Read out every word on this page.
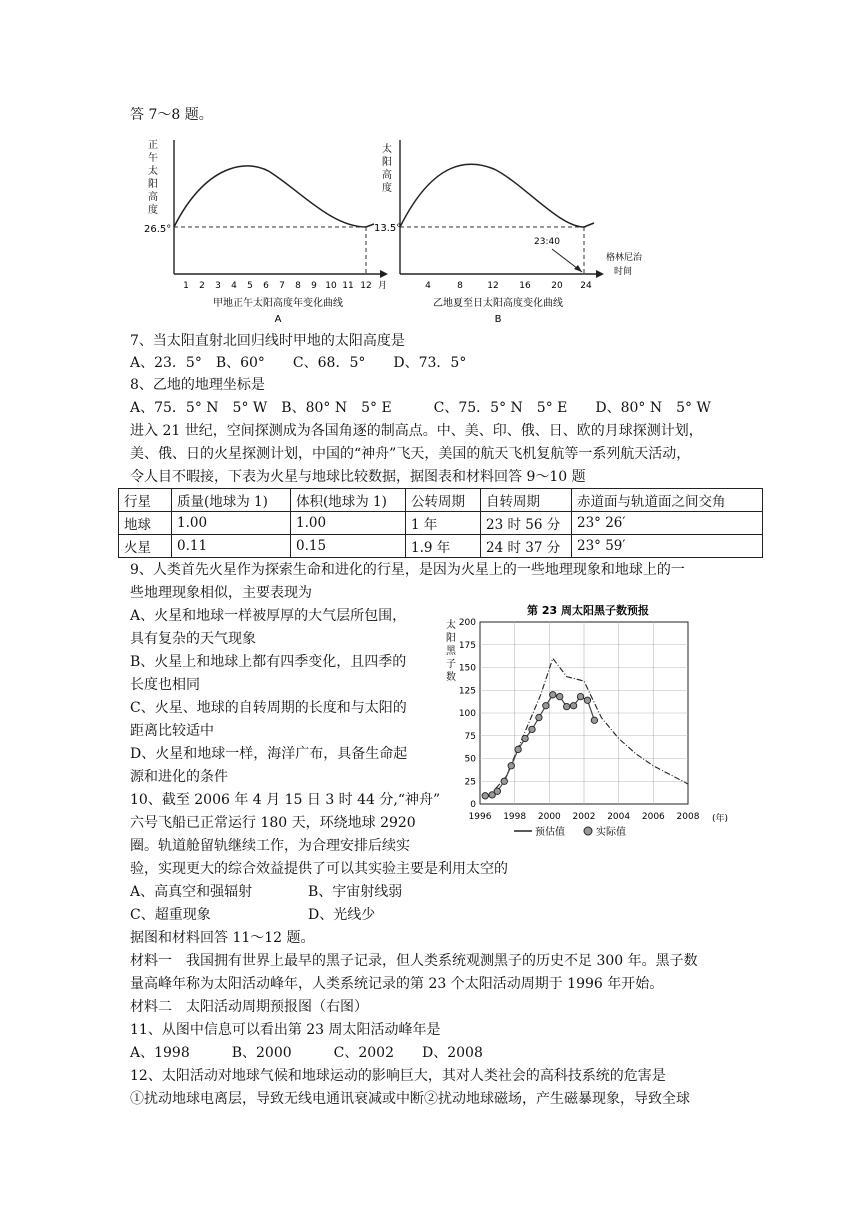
答 7～8 题。
正
午
太
阳
高
度
26.5°
1 2 3 4 5 6 7 8 9 10 11 12 月
甲地正午太阳高度年变化曲线
A
太
阳
高
度
13.5°
23:40
格林尼治
时间
4	8	12 16 20 24
乙地夏至日太阳高度变化曲线
B
7、当太阳直射北回归线时甲地的太阳高度是
A、23．5°　B、60°　　C、68．5°　　D、73．5°
8、乙地的地理坐标是
A、75．5° N　5° W　B、80° N　5° E　　　C、75．5° N　5° E　　D、80° N　5° W
进入 21 世纪，空间探测成为各国角逐的制高点。中、美、印、俄、日、欧的月球探测计划，
美、俄、日的火星探测计划，中国的“神舟”飞天，美国的航天飞机复航等一系列航天活动，
令人目不暇接，下表为火星与地球比较数据，据图表和材料回答 9～10 题
行星	质量(地球为 1)	体积(地球为 1)	公转周期	自转周期	赤道面与轨道面之间交角
地球	1.00	1.00	1 年	23 时 56 分	23° 26′
火星	0.11	0.15	1.9 年	24 时 37 分	23° 59′
9、人类首先火星作为探索生命和进化的行星，是因为火星上的一些地理现象和地球上的一
些地理现象相似，主要表现为
A、火星和地球一样被厚厚的大气层所包围，
具有复杂的天气现象
B、火星上和地球上都有四季变化，且四季的
长度也相同
C、火星、地球的自转周期的长度和与太阳的
距离比较适中
D、火星和地球一样，海洋广布，具备生命起
源和进化的条件
10、截至 2006 年 4 月 15 日 3 时 44 分,“神舟”
六号飞船已正常运行 180 天，环绕地球 2920
圈。轨道舱留轨继续工作，为合理安排后续实
验，实现更大的综合效益提供了可以其实验主要是利用太空的
A、高真空和强辐射	B、宇宙射线弱
C、超重现象	D、光线少
第 23 周太阳黑子数预报
太
阳
黑
子
数
0
25
50
75
100
125
150
175
200
1996 1998 2000 2002 2004 2006 2008 (年)
预估值	实际值
据图和材料回答 11～12 题。
材料一　我国拥有世界上最早的黑子记录，但人类系统观测黑子的历史不足 300 年。黑子数
量高峰年称为太阳活动峰年，人类系统记录的第 23 个太阳活动周期于 1996 年开始。
材料二　太阳活动周期预报图（右图）
11、从图中信息可以看出第 23 周太阳活动峰年是
A、1998　　　B、2000　　　C、2002　　D、2008
12、太阳活动对地球气候和地球运动的影响巨大，其对人类社会的高科技系统的危害是
①扰动地球电离层，导致无线电通讯衰减或中断②扰动地球磁场，产生磁暴现象，导致全球
